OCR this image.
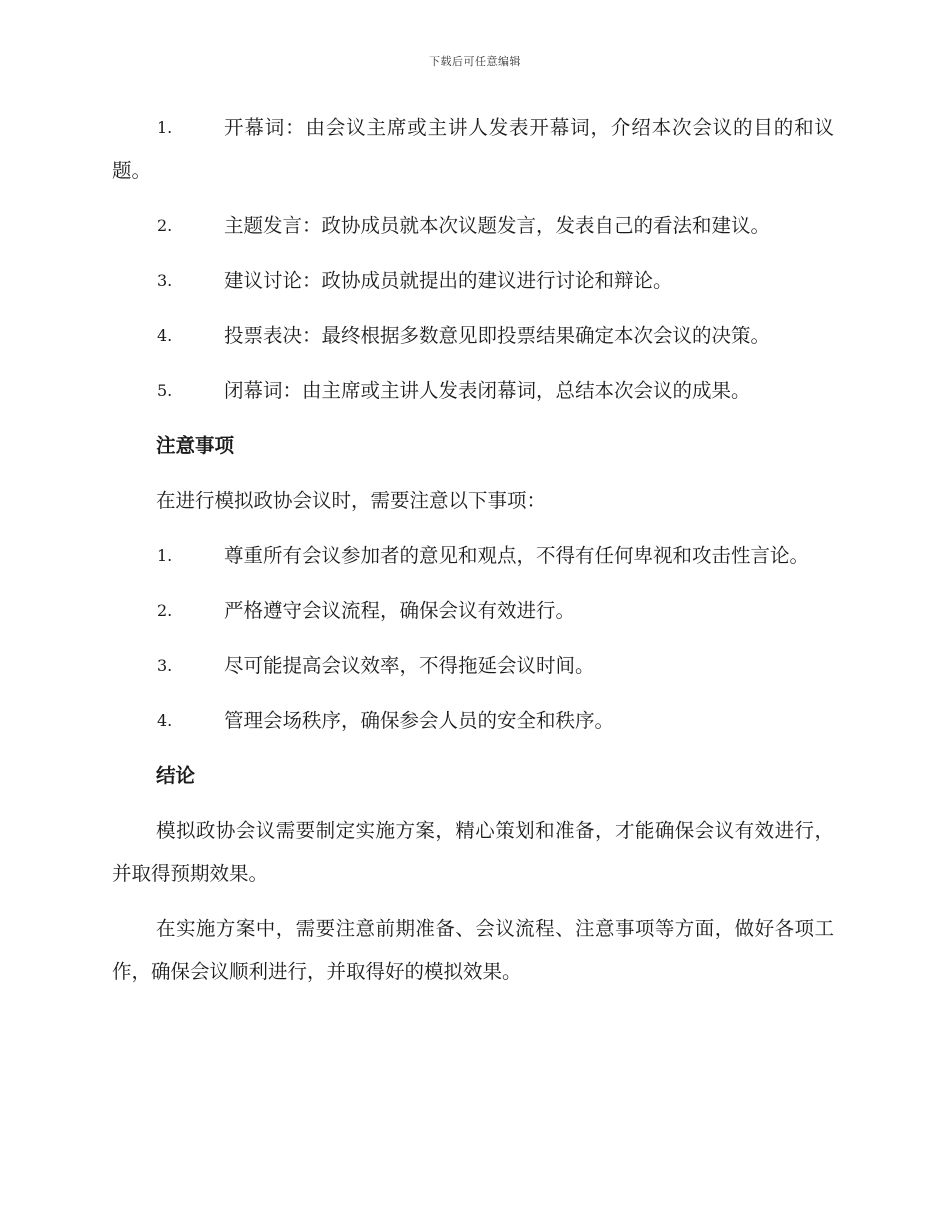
下载后可任意编辑
1.	开幕词：由会议主席或主讲人发表开幕词，介绍本次会议的目的和议题。
2.	主题发言：政协成员就本次议题发言，发表自己的看法和建议。
3.	建议讨论：政协成员就提出的建议进行讨论和辩论。
4.	投票表决：最终根据多数意见即投票结果确定本次会议的决策。
5.	闭幕词：由主席或主讲人发表闭幕词，总结本次会议的成果。
注意事项
在进行模拟政协会议时，需要注意以下事项：
1.	尊重所有会议参加者的意见和观点，不得有任何卑视和攻击性言论。
2.	严格遵守会议流程，确保会议有效进行。
3.	尽可能提高会议效率，不得拖延会议时间。
4.	管理会场秩序，确保参会人员的安全和秩序。
结论
模拟政协会议需要制定实施方案，精心策划和准备，才能确保会议有效进行，并取得预期效果。
在实施方案中，需要注意前期准备、会议流程、注意事项等方面，做好各项工作，确保会议顺利进行，并取得好的模拟效果。
